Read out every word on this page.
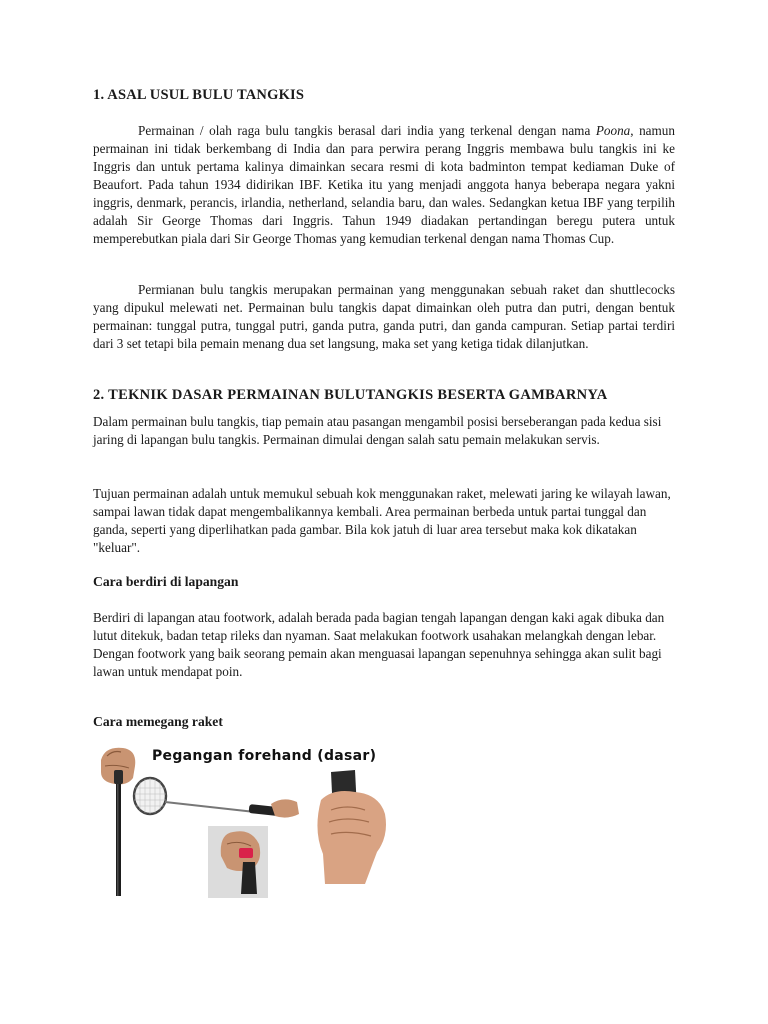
1. ASAL USUL BULU TANGKIS

Permainan / olah raga bulu tangkis berasal dari india yang terkenal dengan nama Poona, namun permainan ini tidak berkembang di India dan para perwira perang Inggris membawa bulu tangkis ini ke Inggris dan untuk pertama kalinya dimainkan secara resmi di kota badminton tempat kediaman Duke of Beaufort. Pada tahun 1934 didirikan IBF. Ketika itu yang menjadi anggota hanya beberapa negara yakni inggris, denmark, perancis, irlandia, netherland, selandia baru, dan wales. Sedangkan ketua IBF yang terpilih adalah Sir George Thomas dari Inggris. Tahun 1949 diadakan pertandingan beregu putera untuk memperebutkan piala dari Sir George Thomas yang kemudian terkenal dengan nama Thomas Cup.

Permianan bulu tangkis merupakan permainan yang menggunakan sebuah raket dan shuttlecocks yang dipukul melewati net. Permainan bulu tangkis dapat dimainkan oleh putra dan putri, dengan bentuk permainan: tunggal putra, tunggal putri, ganda putra, ganda putri, dan ganda campuran. Setiap partai terdiri dari 3 set tetapi bila pemain menang dua set langsung, maka set yang ketiga tidak dilanjutkan.

2. TEKNIK DASAR PERMAINAN BULUTANGKIS BESERTA GAMBARNYA

Dalam permainan bulu tangkis, tiap pemain atau pasangan mengambil posisi berseberangan pada kedua sisi jaring di lapangan bulu tangkis. Permainan dimulai dengan salah satu pemain melakukan servis.

Tujuan permainan adalah untuk memukul sebuah kok menggunakan raket, melewati jaring ke wilayah lawan, sampai lawan tidak dapat mengembalikannya kembali. Area permainan berbeda untuk partai tunggal dan ganda, seperti yang diperlihatkan pada gambar. Bila kok jatuh di luar area tersebut maka kok dikatakan "keluar".

Cara berdiri di lapangan

Berdiri di lapangan atau footwork, adalah berada pada bagian tengah lapangan dengan kaki agak dibuka dan lutut ditekuk, badan tetap rileks dan nyaman. Saat melakukan footwork usahakan melangkah dengan lebar. Dengan footwork yang baik seorang pemain akan menguasai lapangan sepenuhnya sehingga akan sulit bagi lawan untuk mendapat poin.

Cara memegang raket
Pegangan forehand (dasar)
